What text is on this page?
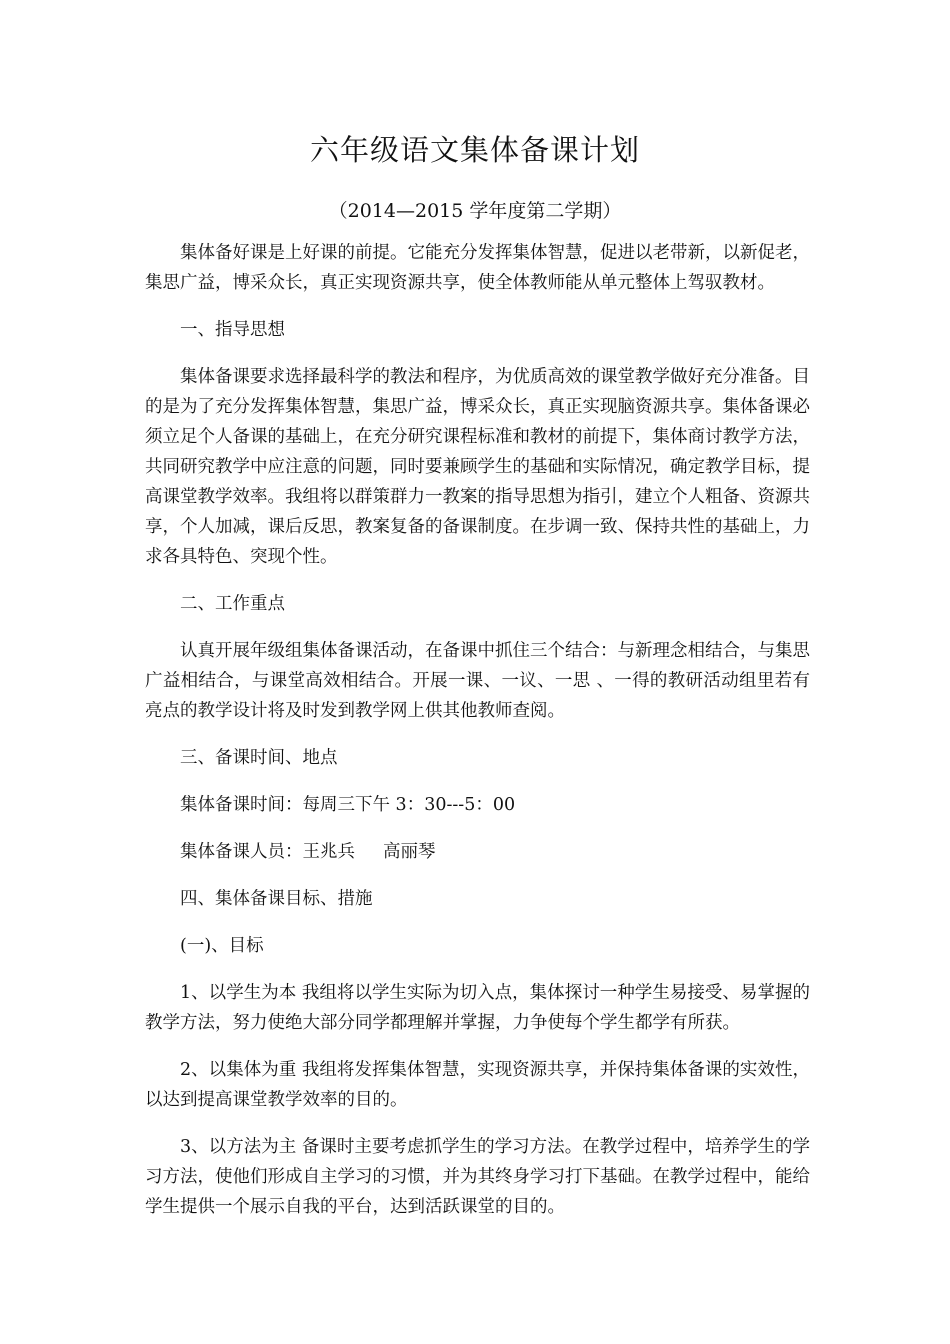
六年级语文集体备课计划
（2014—2015 学年度第二学期）

集体备好课是上好课的前提。它能充分发挥集体智慧，促进以老带新，以新促老，集思广益，博采众长，真正实现资源共享，使全体教师能从单元整体上驾驭教材。

一、指导思想

集体备课要求选择最科学的教法和程序，为优质高效的课堂教学做好充分准备。目的是为了充分发挥集体智慧，集思广益，博采众长，真正实现脑资源共享。集体备课必须立足个人备课的基础上，在充分研究课程标准和教材的前提下，集体商讨教学方法，共同研究教学中应注意的问题，同时要兼顾学生的基础和实际情况，确定教学目标，提高课堂教学效率。我组将以群策群力一教案的指导思想为指引，建立个人粗备、资源共享，个人加减，课后反思，教案复备的备课制度。在步调一致、保持共性的基础上，力求各具特色、突现个性。

二、工作重点

认真开展年级组集体备课活动，在备课中抓住三个结合：与新理念相结合，与集思广益相结合，与课堂高效相结合。开展一课、一议、一思 、一得的教研活动组里若有亮点的教学设计将及时发到教学网上供其他教师查阅。

三、备课时间、地点

集体备课时间：每周三下午 3：30---5：00

集体备课人员：王兆兵 高丽琴

四、集体备课目标、措施

(一)、目标

1、以学生为本 我组将以学生实际为切入点，集体探讨一种学生易接受、易掌握的教学方法，努力使绝大部分同学都理解并掌握，力争使每个学生都学有所获。

2、以集体为重 我组将发挥集体智慧，实现资源共享，并保持集体备课的实效性，以达到提高课堂教学效率的目的。

3、以方法为主 备课时主要考虑抓学生的学习方法。在教学过程中，培养学生的学习方法，使他们形成自主学习的习惯，并为其终身学习打下基础。在教学过程中，能给学生提供一个展示自我的平台，达到活跃课堂的目的。
